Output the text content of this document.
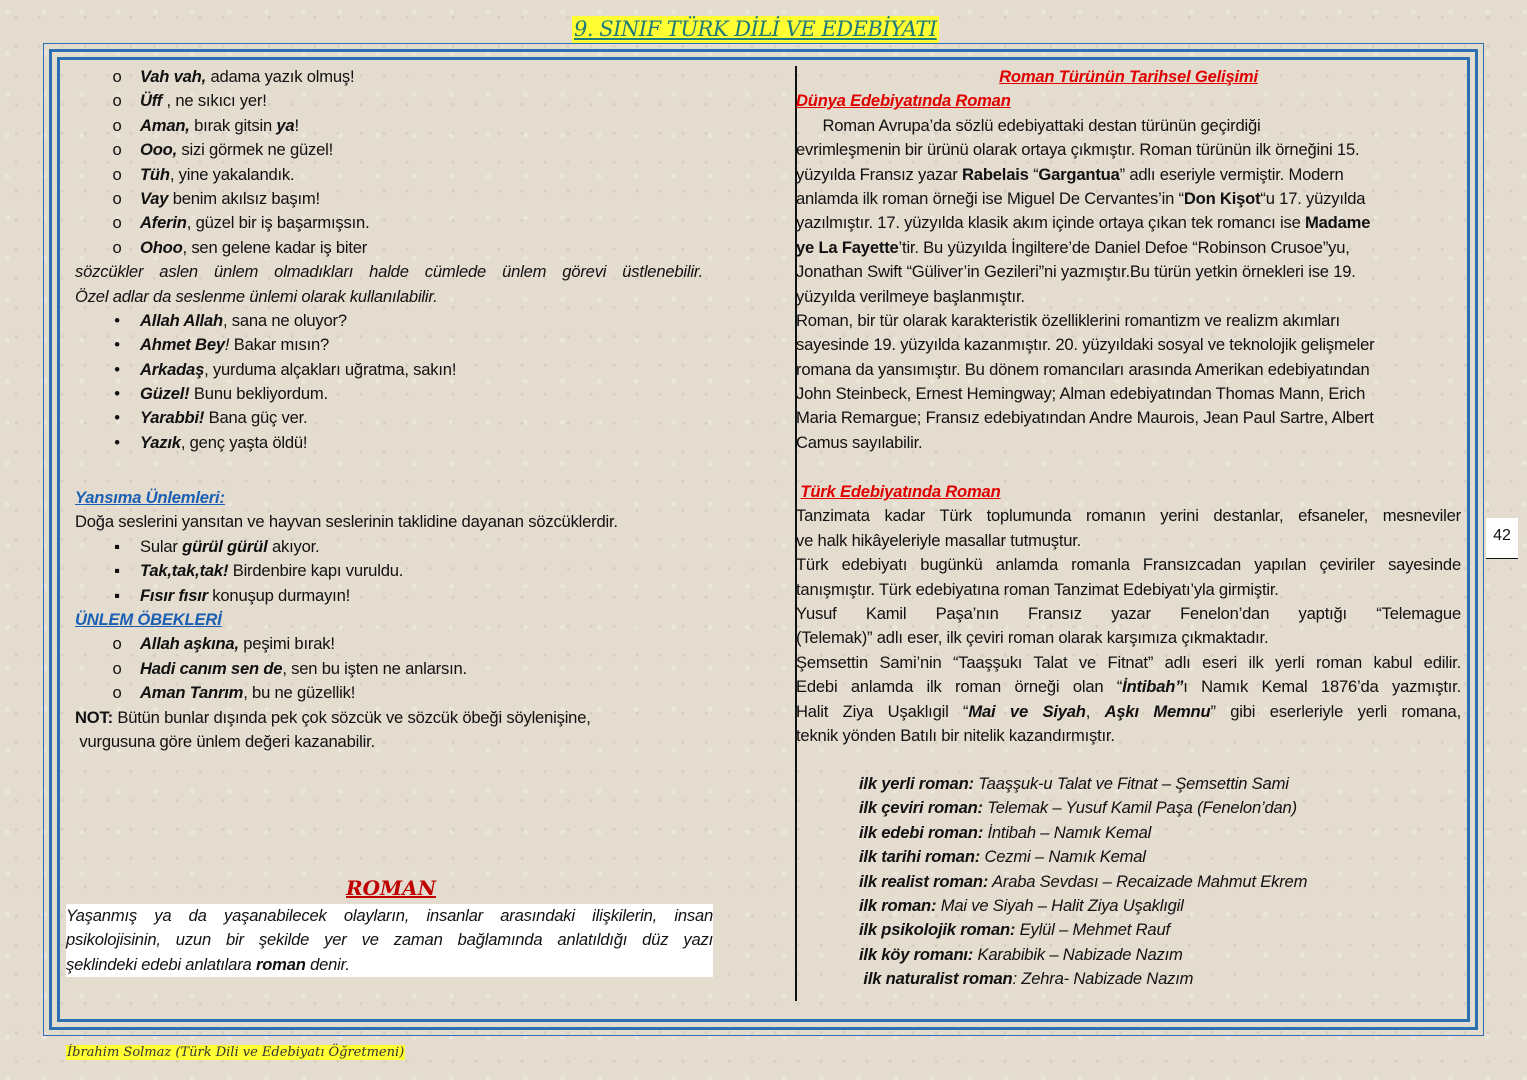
9. SINIF TÜRK DİLİ VE EDEBİYATI
o	Vah vah, adama yazık olmuş!
o	Üff , ne sıkıcı yer!
o	Aman, bırak gitsin ya!
o	Ooo, sizi görmek ne güzel!
o	Tüh, yine yakalandık.
o	Vay benim akılsız başım!
o	Aferin, güzel bir iş başarmışsın.
o	Ohoo, sen gelene kadar iş biter
sözcükler aslen ünlem olmadıkları halde cümlede ünlem görevi üstlenebilir.
Özel adlar da seslenme ünlemi olarak kullanılabilir.
•	Allah Allah, sana ne oluyor?
•	Ahmet Bey! Bakar mısın?
•	Arkadaş, yurduma alçakları uğratma, sakın!
•	Güzel! Bunu bekliyordum.
•	Yarabbi! Bana güç ver.
•	Yazık, genç yaşta öldü!
Yansıma Ünlemleri:
Doğa seslerini yansıtan ve hayvan seslerinin taklidine dayanan sözcüklerdir.
▪	Sular gürül gürül akıyor.
▪	Tak,tak,tak! Birdenbire kapı vuruldu.
▪	Fısır fısır konuşup durmayın!
ÜNLEM ÖBEKLERİ
o	Allah aşkına, peşimi bırak!
o	Hadi canım sen de, sen bu işten ne anlarsın.
o	Aman Tanrım, bu ne güzellik!
NOT: Bütün bunlar dışında pek çok sözcük ve sözcük öbeği söylenişine,
vurgusuna göre ünlem değeri kazanabilir.
ROMAN
Yaşanmış ya da yaşanabilecek olayların, insanlar arasındaki ilişkilerin, insan
psikolojisinin, uzun bir şekilde yer ve zaman bağlamında anlatıldığı düz yazı
şeklindeki edebi anlatılara roman denir.
Roman Türünün Tarihsel Gelişimi
Dünya Edebiyatında Roman
Roman Avrupa’da sözlü edebiyattaki destan türünün geçirdiği
evrimleşmenin bir ürünü olarak ortaya çıkmıştır. Roman türünün ilk örneğini 15.
yüzyılda Fransız yazar Rabelais “Gargantua” adlı eseriyle vermiştir. Modern
anlamda ilk roman örneği ise Miguel De Cervantes’in “Don Kişot“u 17. yüzyılda
yazılmıştır. 17. yüzyılda klasik akım içinde ortaya çıkan tek romancı ise Madame
ye La Fayette’tir. Bu yüzyılda İngiltere’de Daniel Defoe “Robinson Crusoe”yu,
Jonathan Swift “Güliver’in Gezileri”ni yazmıştır.Bu türün yetkin örnekleri ise 19.
yüzyılda verilmeye başlanmıştır.
Roman, bir tür olarak karakteristik özelliklerini romantizm ve realizm akımları
sayesinde 19. yüzyılda kazanmıştır. 20. yüzyıldaki sosyal ve teknolojik gelişmeler
romana da yansımıştır. Bu dönem romancıları arasında Amerikan edebiyatından
John Steinbeck, Ernest Hemingway; Alman edebiyatından Thomas Mann, Erich
Maria Remargue; Fransız edebiyatından Andre Maurois, Jean Paul Sartre, Albert
Camus sayılabilir.
Türk Edebiyatında Roman
Tanzimata kadar Türk toplumunda romanın yerini destanlar, efsaneler, mesneviler
ve halk hikâyeleriyle masallar tutmuştur.
Türk edebiyatı bugünkü anlamda romanla Fransızcadan yapılan çeviriler sayesinde
tanışmıştır. Türk edebiyatına roman Tanzimat Edebiyatı’yla girmiştir.
Yusuf Kamil Paşa’nın Fransız yazar Fenelon’dan yaptığı “Telemague
(Telemak)” adlı eser, ilk çeviri roman olarak karşımıza çıkmaktadır.
Şemsettin Sami’nin “Taaşşukı Talat ve Fitnat” adlı eseri ilk yerli roman kabul edilir.
Edebi anlamda ilk roman örneği olan “İntibah”ı Namık Kemal 1876’da yazmıştır.
Halit Ziya Uşaklıgil “Mai ve Siyah, Aşkı Memnu” gibi eserleriyle yerli romana,
teknik yönden Batılı bir nitelik kazandırmıştır.
ilk yerli roman: Taaşşuk-u Talat ve Fitnat – Şemsettin Sami
ilk çeviri roman: Telemak – Yusuf Kamil Paşa (Fenelon’dan)
ilk edebi roman: İntibah – Namık Kemal
ilk tarihi roman: Cezmi – Namık Kemal
ilk realist roman: Araba Sevdası – Recaizade Mahmut Ekrem
ilk roman: Mai ve Siyah – Halit Ziya Uşaklıgil
ilk psikolojik roman: Eylül – Mehmet Rauf
ilk köy romanı: Karabibik – Nabizade Nazım
ilk naturalist roman: Zehra- Nabizade Nazım
42
İbrahim Solmaz (Türk Dili ve Edebiyatı Öğretmeni)
